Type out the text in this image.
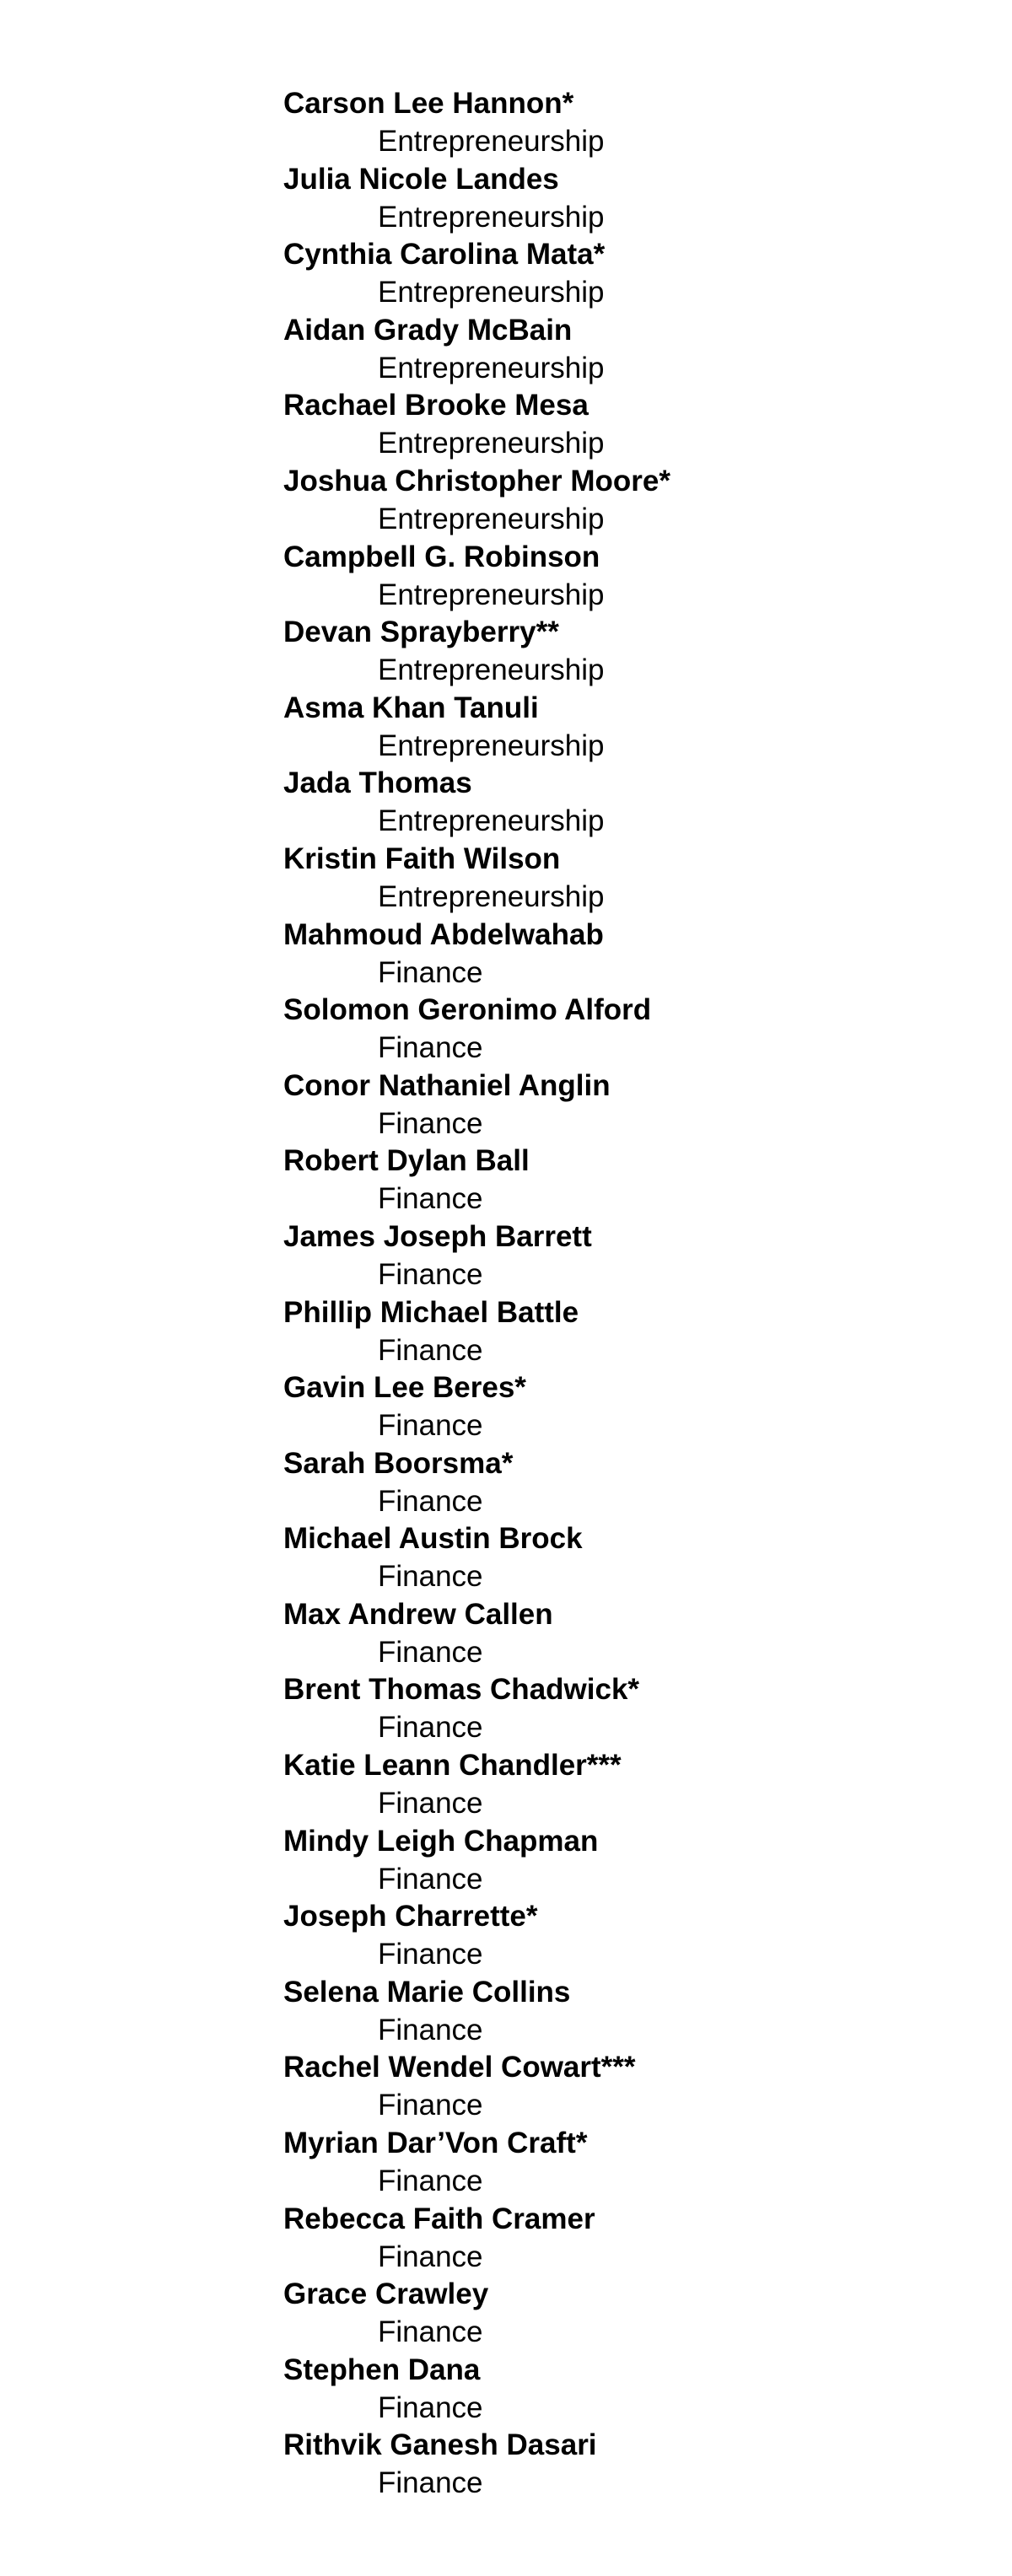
Carson Lee Hannon*
Entrepreneurship
Julia Nicole Landes
Entrepreneurship
Cynthia Carolina Mata*
Entrepreneurship
Aidan Grady McBain
Entrepreneurship
Rachael Brooke Mesa
Entrepreneurship
Joshua Christopher Moore*
Entrepreneurship
Campbell G. Robinson
Entrepreneurship
Devan Sprayberry**
Entrepreneurship
Asma Khan Tanuli
Entrepreneurship
Jada Thomas
Entrepreneurship
Kristin Faith Wilson
Entrepreneurship
Mahmoud Abdelwahab
Finance
Solomon Geronimo Alford
Finance
Conor Nathaniel Anglin
Finance
Robert Dylan Ball
Finance
James Joseph Barrett
Finance
Phillip Michael Battle
Finance
Gavin Lee Beres*
Finance
Sarah Boorsma*
Finance
Michael Austin Brock
Finance
Max Andrew Callen
Finance
Brent Thomas Chadwick*
Finance
Katie Leann Chandler***
Finance
Mindy Leigh Chapman
Finance
Joseph Charrette*
Finance
Selena Marie Collins
Finance
Rachel Wendel Cowart***
Finance
Myrian Dar’Von Craft*
Finance
Rebecca Faith Cramer
Finance
Grace Crawley
Finance
Stephen Dana
Finance
Rithvik Ganesh Dasari
Finance
